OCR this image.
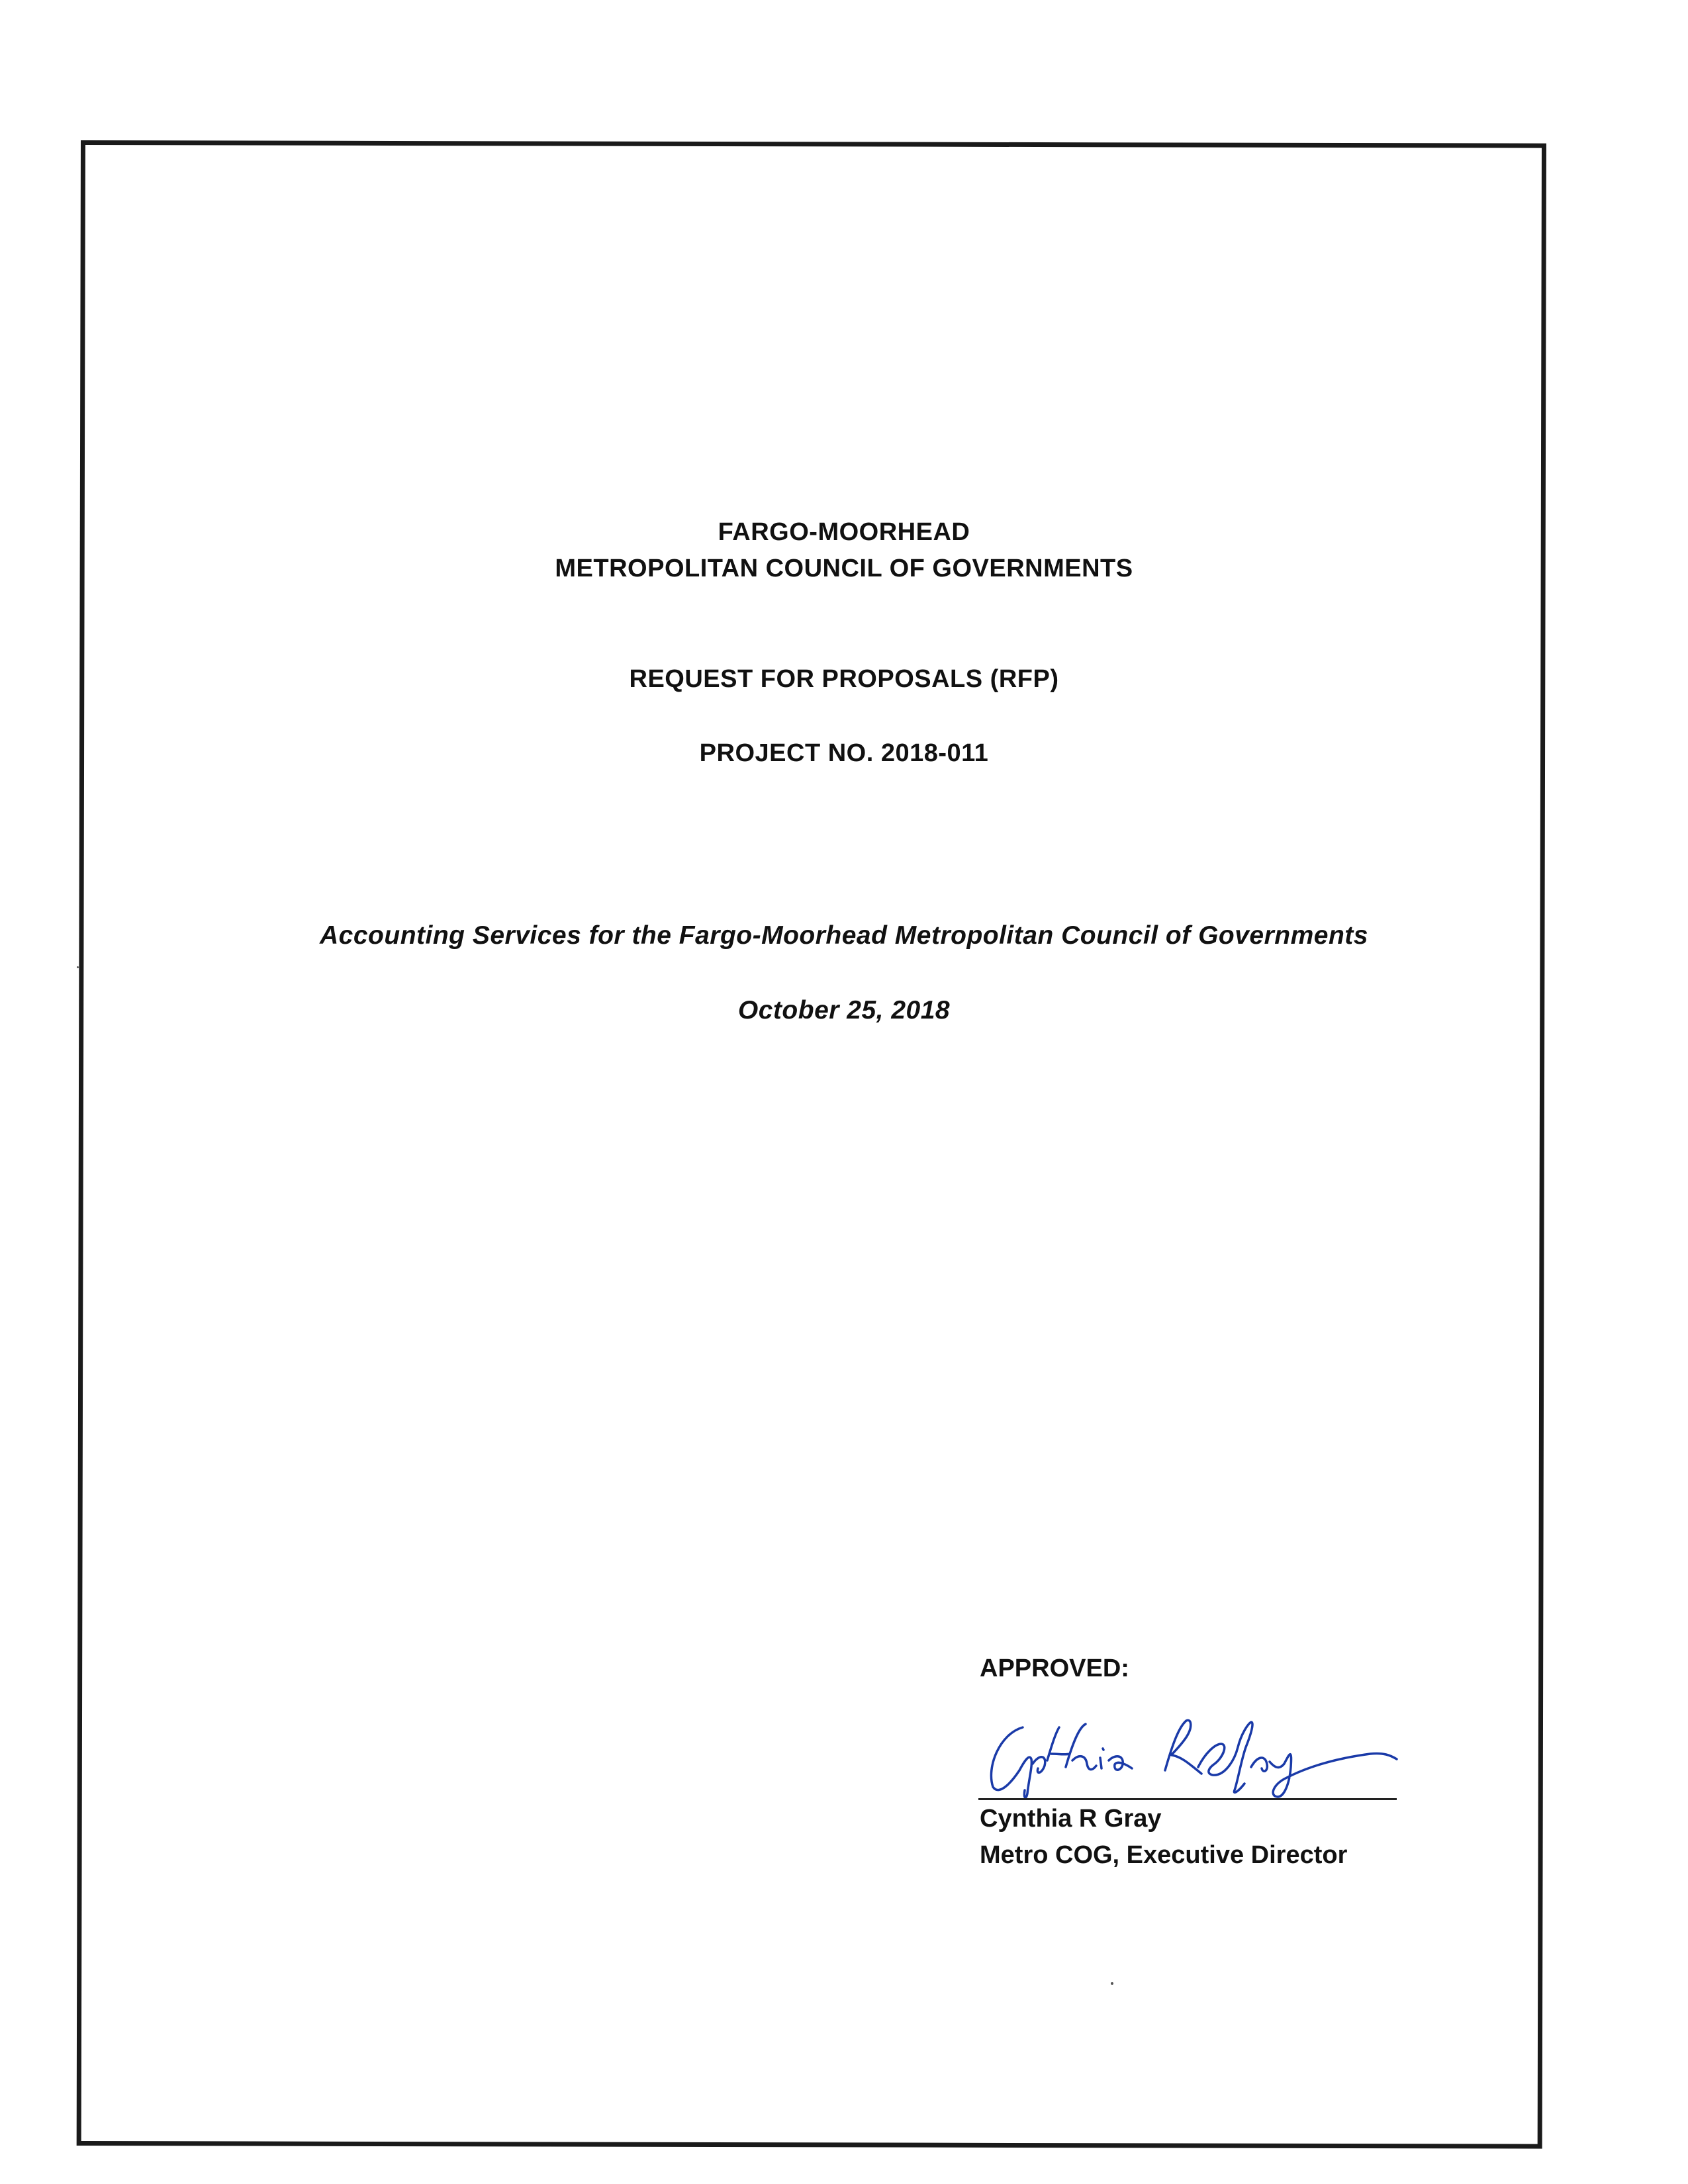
FARGO-MOORHEAD
METROPOLITAN COUNCIL OF GOVERNMENTS
REQUEST FOR PROPOSALS (RFP)
PROJECT NO. 2018-011
Accounting Services for the Fargo-Moorhead Metropolitan Council of Governments
October 25, 2018
APPROVED:
Cynthia R Gray
Metro COG, Executive Director
